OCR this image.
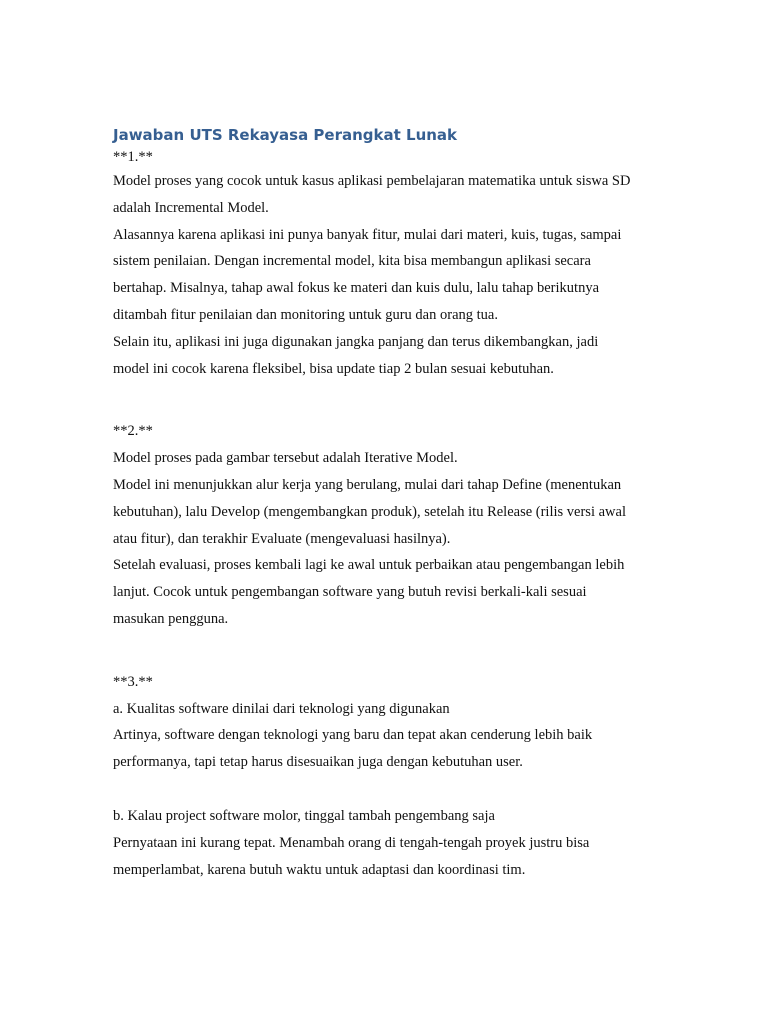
Jawaban UTS Rekayasa Perangkat Lunak

**1.**

Model proses yang cocok untuk kasus aplikasi pembelajaran matematika untuk siswa SD

adalah Incremental Model.

Alasannya karena aplikasi ini punya banyak fitur, mulai dari materi, kuis, tugas, sampai

sistem penilaian. Dengan incremental model, kita bisa membangun aplikasi secara

bertahap. Misalnya, tahap awal fokus ke materi dan kuis dulu, lalu tahap berikutnya

ditambah fitur penilaian dan monitoring untuk guru dan orang tua.

Selain itu, aplikasi ini juga digunakan jangka panjang dan terus dikembangkan, jadi

model ini cocok karena fleksibel, bisa update tiap 2 bulan sesuai kebutuhan.

**2.**

Model proses pada gambar tersebut adalah Iterative Model.

Model ini menunjukkan alur kerja yang berulang, mulai dari tahap Define (menentukan

kebutuhan), lalu Develop (mengembangkan produk), setelah itu Release (rilis versi awal

atau fitur), dan terakhir Evaluate (mengevaluasi hasilnya).

Setelah evaluasi, proses kembali lagi ke awal untuk perbaikan atau pengembangan lebih

lanjut. Cocok untuk pengembangan software yang butuh revisi berkali-kali sesuai

masukan pengguna.

**3.**

a. Kualitas software dinilai dari teknologi yang digunakan

Artinya, software dengan teknologi yang baru dan tepat akan cenderung lebih baik

performanya, tapi tetap harus disesuaikan juga dengan kebutuhan user.

b. Kalau project software molor, tinggal tambah pengembang saja

Pernyataan ini kurang tepat. Menambah orang di tengah-tengah proyek justru bisa

memperlambat, karena butuh waktu untuk adaptasi dan koordinasi tim.
